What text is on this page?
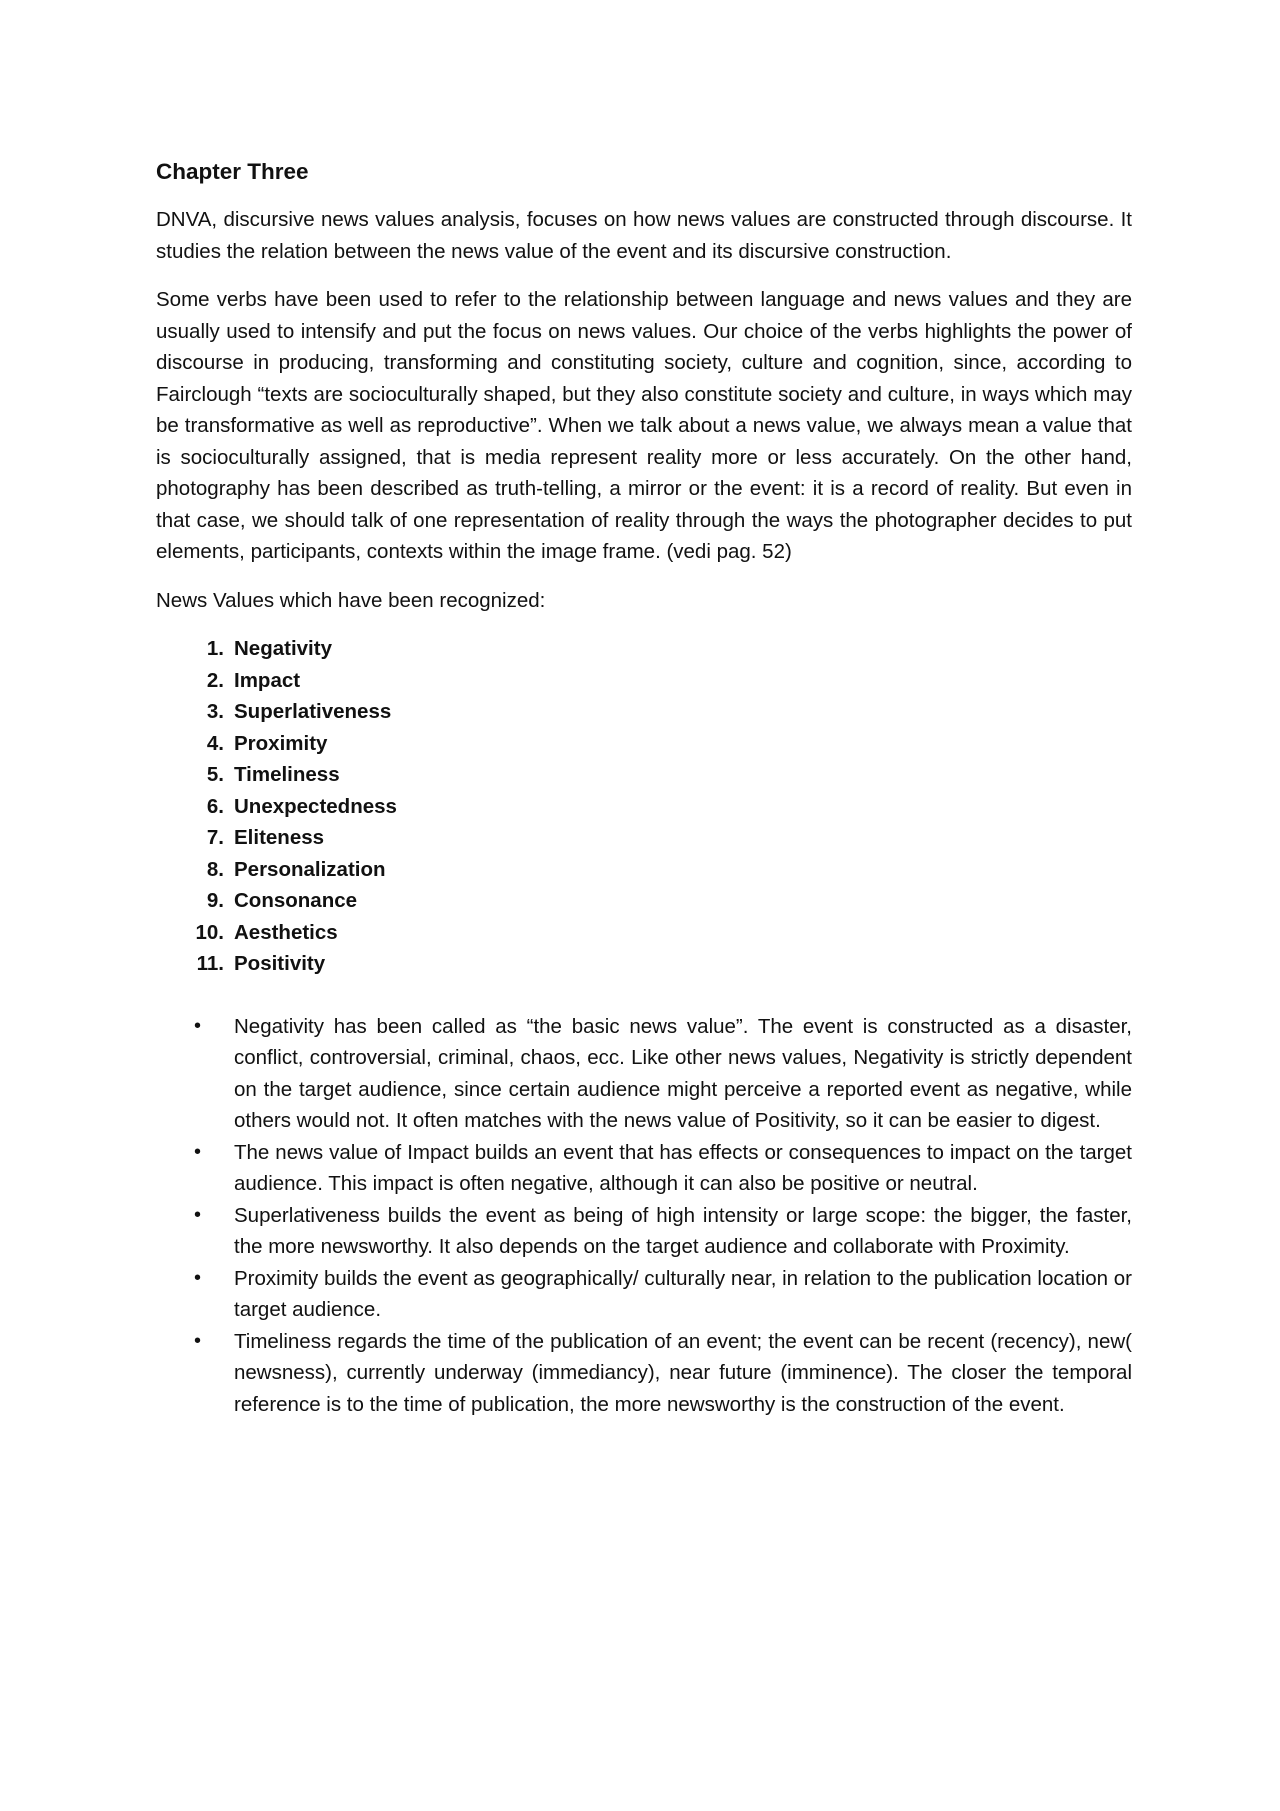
Chapter Three

DNVA, discursive news values analysis, focuses on how news values are constructed through discourse. It studies the relation between the news value of the event and its discursive construction.

Some verbs have been used to refer to the relationship between language and news values and they are usually used to intensify and put the focus on news values. Our choice of the verbs highlights the power of discourse in producing, transforming and constituting society, culture and cognition, since, according to Fairclough “texts are socioculturally shaped, but they also constitute society and culture, in ways which may be transformative as well as reproductive”. When we talk about a news value, we always mean a value that is socioculturally assigned, that is media represent reality more or less accurately. On the other hand, photography has been described as truth-telling, a mirror or the event: it is a record of reality. But even in that case, we should talk of one representation of reality through the ways the photographer decides to put elements, participants, contexts within the image frame. (vedi pag. 52)

News Values which have been recognized:

Negativity
Impact
Superlativeness
Proximity
Timeliness
Unexpectedness
Eliteness
Personalization
Consonance
Aesthetics
Positivity
• Negativity has been called as “the basic news value”. The event is constructed as a disaster, conflict, controversial, criminal, chaos, ecc. Like other news values, Negativity is strictly dependent on the target audience, since certain audience might perceive a reported event as negative, while others would not. It often matches with the news value of Positivity, so it can be easier to digest.
• The news value of Impact builds an event that has effects or consequences to impact on the target audience. This impact is often negative, although it can also be positive or neutral.
• Superlativeness builds the event as being of high intensity or large scope: the bigger, the faster, the more newsworthy. It also depends on the target audience and collaborate with Proximity.
• Proximity builds the event as geographically/ culturally near, in relation to the publication location or target audience.
• Timeliness regards the time of the publication of an event; the event can be recent (recency), new( newsness), currently underway (immediancy), near future (imminence). The closer the temporal reference is to the time of publication, the more newsworthy is the construction of the event.
